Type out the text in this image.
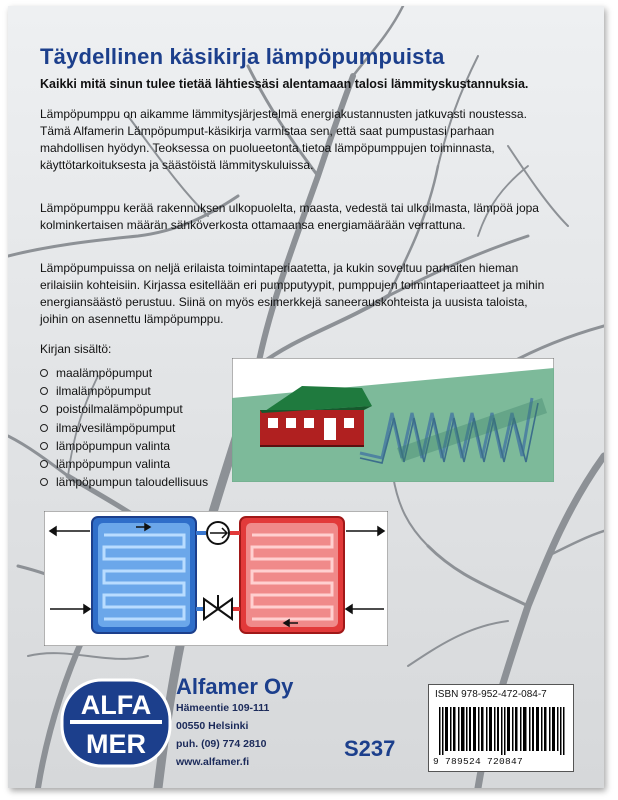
Täydellinen käsikirja lämpöpumpuista

Kaikki mitä sinun tulee tietää lähtiessäsi alentamaan talosi lämmityskustannuksia.

Lämpöpumppu on aikamme lämmitysjärjestelmä energiakustannusten jatkuvasti noustessa. Tämä Alfamerin Lämpöpumput-käsikirja varmistaa sen, että saat pumpustasi parhaan mahdollisen hyödyn. Teoksessa on puolueetonta tietoa lämpöpumppujen toiminnasta, käyttötarkoituksesta ja säästöistä lämmityskuluissa.

Lämpöpumppu kerää rakennuksen ulkopuolelta, maasta, vedestä tai ulkoilmasta, lämpöä jopa kolminkertaisen määrän sähköverkosta ottamaansa energiamäärään verrattuna.

Lämpöpumpuissa on neljä erilaista toimintaperiaatetta, ja kukin soveltuu parhaiten hieman erilaisiin kohteisiin. Kirjassa esitellään eri pumpputyypit, pumppujen toimintaperiaatteet ja mihin energiansäästö perustuu. Siinä on myös esimerkkejä saneerauskohteista ja uusista taloista, joihin on asennettu lämpöpumppu.

Kirjan sisältö:
maalämpöpumput
ilmalämpöpumput
poistoilmalämpöpumput
ilma/vesilämpöpumput
lämpöpumpun valinta
lämpöpumpun valinta
lämpöpumpun taloudellisuus
ALFA
MER
Alfamer Oy
Hämeentie 109-111
00550 Helsinki
puh. (09) 774 2810
www.alfamer.fi
S237
ISBN 978-952-472-084-7
9 789524 720847
